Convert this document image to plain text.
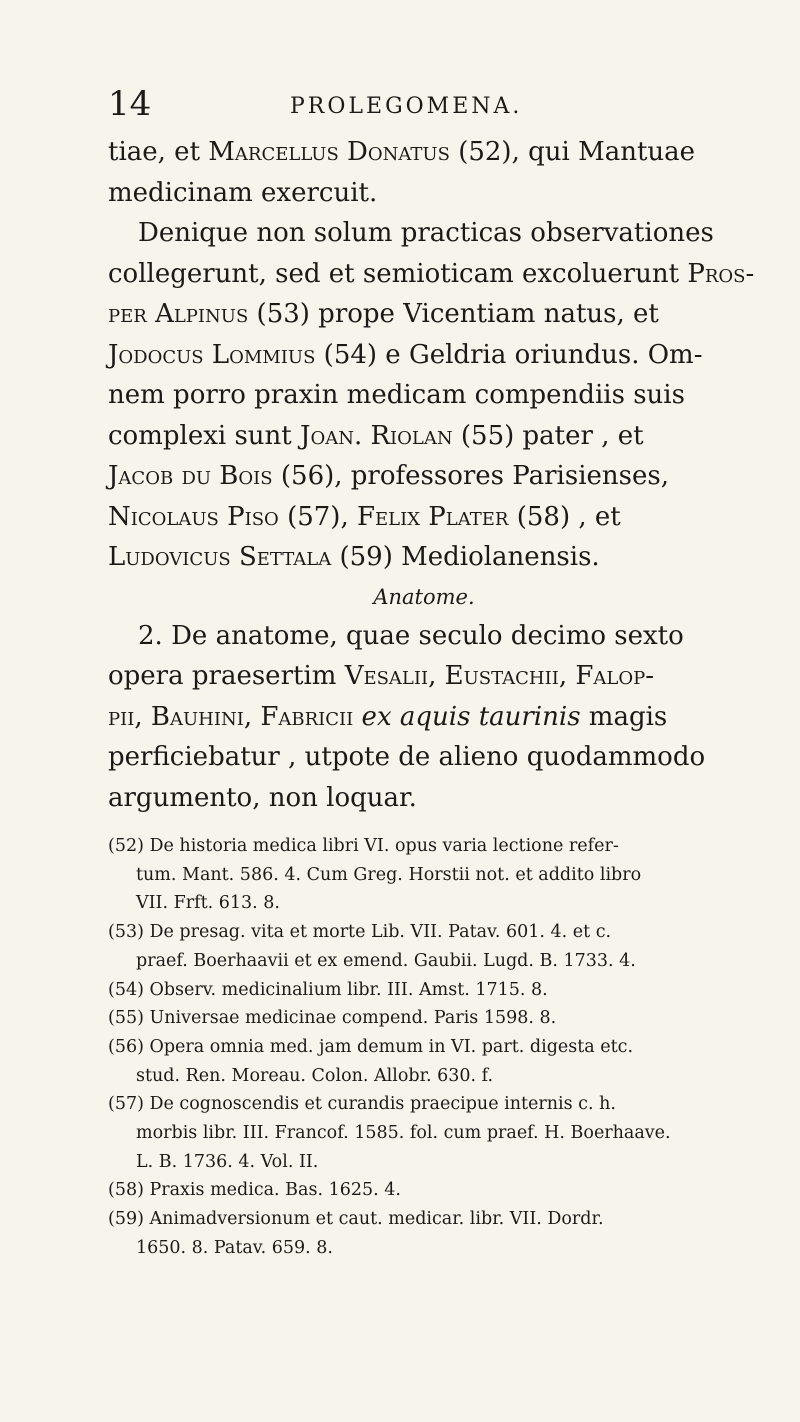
14	PROLEGOMENA.

tiae, et Marcellus Donatus (52), qui Mantuae
medicinam exercuit.

Denique non solum practicas observationes
collegerunt, sed et semioticam excoluerunt Pros-
per Alpinus (53) prope Vicentiam natus, et
Jodocus Lommius (54) e Geldria oriundus. Om-
nem porro praxin medicam compendiis suis
complexi sunt Joan. Riolan (55) pater , et
Jacob du Bois (56), professores Parisienses,
Nicolaus Piso (57), Felix Plater (58) , et
Ludovicus Settala (59) Mediolanensis.

Anatome.

2. De anatome, quae seculo decimo sexto
opera praesertim Vesalii, Eustachii, Falop-
pii, Bauhini, Fabricii ex aquis taurinis magis
perficiebatur , utpote de alieno quodammodo
argumento, non loquar.

(52) De historia medica libri VI. opus varia lectione refer-
tum. Mant. 586. 4. Cum Greg. Horstii not. et addito libro
VII. Frft. 613. 8.

(53) De presag. vita et morte Lib. VII. Patav. 601. 4. et c.
praef. Boerhaavii et ex emend. Gaubii. Lugd. B. 1733. 4.

(54) Observ. medicinalium libr. III. Amst. 1715. 8.

(55) Universae medicinae compend. Paris 1598. 8.

(56) Opera omnia med. jam demum in VI. part. digesta etc.
stud. Ren. Moreau. Colon. Allobr. 630. f.

(57) De cognoscendis et curandis praecipue internis c. h.
morbis libr. III. Francof. 1585. fol. cum praef. H. Boerhaave.
L. B. 1736. 4. Vol. II.

(58) Praxis medica. Bas. 1625. 4.

(59) Animadversionum et caut. medicar. libr. VII. Dordr.
1650. 8. Patav. 659. 8.
